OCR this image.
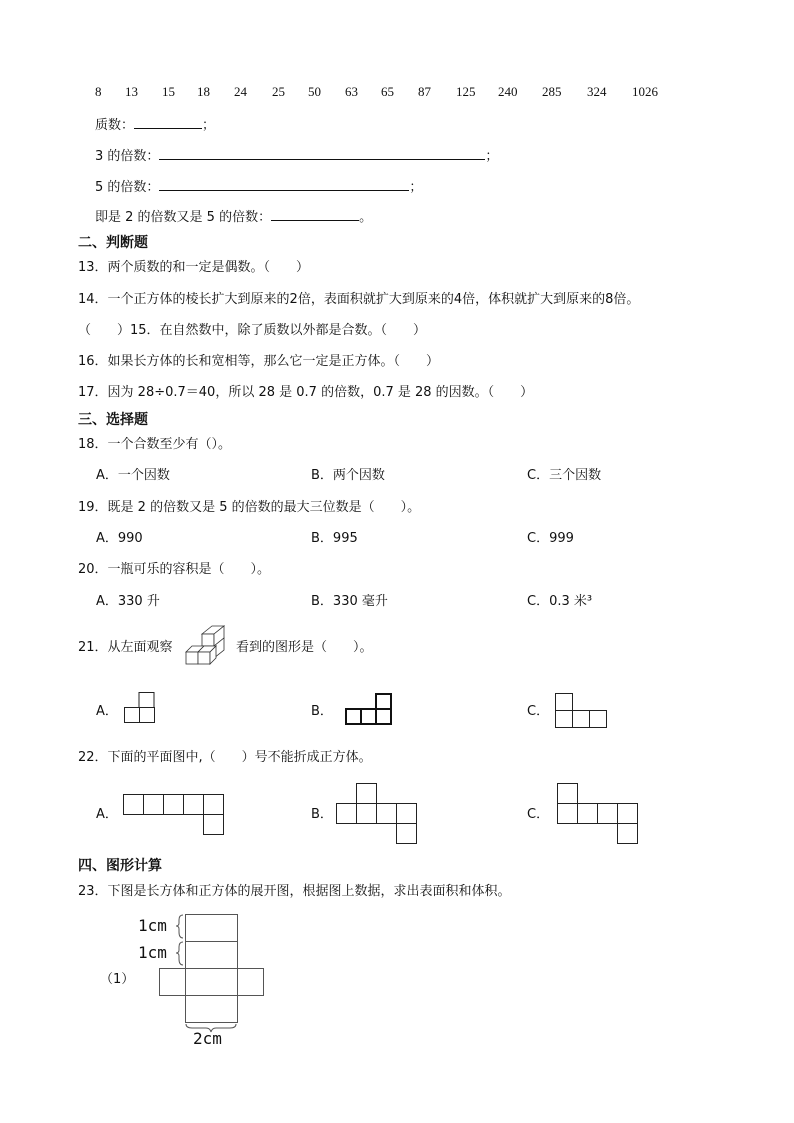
8 13 15 18 24 25 50 63 65 87 125 240 285 324 1026
质数：	；
3 的倍数：	；
5 的倍数：	；
即是 2 的倍数又是 5 的倍数：	。
二、判断题
13．两个质数的和一定是偶数。（　　）
14．一个正方体的棱长扩大到原来的2倍，表面积就扩大到原来的4倍，体积就扩大到原来的8倍。
（　　）15．在自然数中，除了质数以外都是合数。（　　）
16．如果长方体的长和宽相等，那么它一定是正方体。（　　）
17．因为 28÷0.7＝40，所以 28 是 0.7 的倍数，0.7 是 28 的因数。（　　）
三、选择题
18．一个合数至少有（）。
A．一个因数	B．两个因数	C．三个因数
19．既是 2 的倍数又是 5 的倍数的最大三位数是（　　）。
A．990	B．995	C．999
20．一瓶可乐的容积是（　　）。
A．330 升	B．330 毫升	C．0.3 米³
21．从左面观察	看到的图形是（　　）。
A．	B．	C．
22．下面的平面图中,（　　）号不能折成正方体。
A．	B．	C．
四、图形计算
23．下图是长方体和正方体的展开图，根据图上数据，求出表面积和体积。
（1）
1cm
1cm
2cm
